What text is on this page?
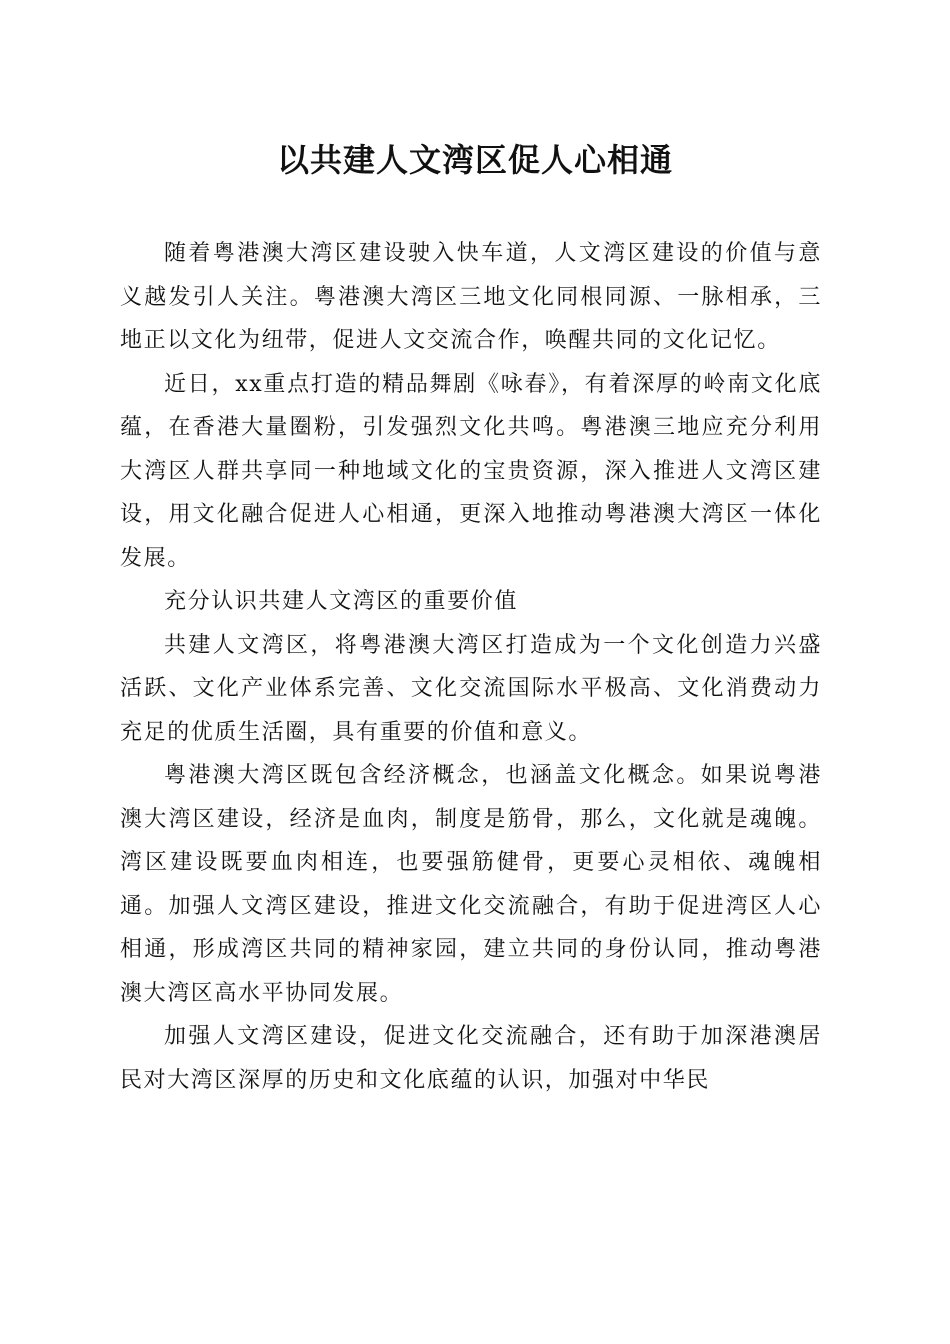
以共建人文湾区促人心相通

随着粤港澳大湾区建设驶入快车道，人文湾区建设的价值与意义越发引人关注。粤港澳大湾区三地文化同根同源、一脉相承，三地正以文化为纽带，促进人文交流合作，唤醒共同的文化记忆。

近日，xx重点打造的精品舞剧《咏春》，有着深厚的岭南文化底蕴，在香港大量圈粉，引发强烈文化共鸣。粤港澳三地应充分利用大湾区人群共享同一种地域文化的宝贵资源，深入推进人文湾区建设，用文化融合促进人心相通，更深入地推动粤港澳大湾区一体化发展。

充分认识共建人文湾区的重要价值

共建人文湾区，将粤港澳大湾区打造成为一个文化创造力兴盛活跃、文化产业体系完善、文化交流国际水平极高、文化消费动力充足的优质生活圈，具有重要的价值和意义。

粤港澳大湾区既包含经济概念，也涵盖文化概念。如果说粤港澳大湾区建设，经济是血肉，制度是筋骨，那么，文化就是魂魄。湾区建设既要血肉相连，也要强筋健骨，更要心灵相依、魂魄相通。加强人文湾区建设，推进文化交流融合，有助于促进湾区人心相通，形成湾区共同的精神家园，建立共同的身份认同，推动粤港澳大湾区高水平协同发展。

加强人文湾区建设，促进文化交流融合，还有助于加深港澳居民对大湾区深厚的历史和文化底蕴的认识，加强对中华民
